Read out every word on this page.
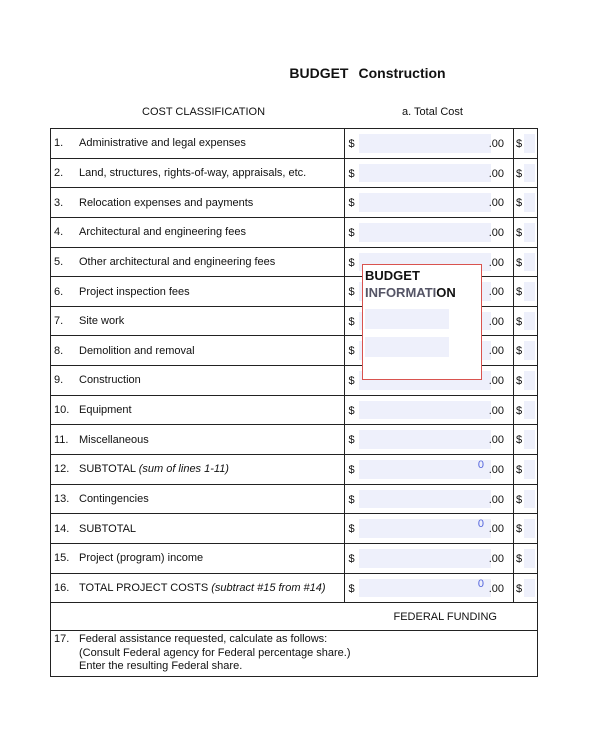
BUDGET Construction
COST CLASSIFICATION	a. Total Cost
1. Administrative and legal expenses	$ .00	$

2. Land, structures, rights-of-way, appraisals, etc.	$ .00	$

3. Relocation expenses and payments	$ .00	$

4. Architectural and engineering fees	$ .00	$

5. Other architectural and engineering fees	$ .00	$

6. Project inspection fees	$ .00	$

7. Site work	$ .00	$

8. Demolition and removal	$ .00	$

9. Construction	$ .00	$

10. Equipment	$ .00	$

11. Miscellaneous	$ .00	$

12. SUBTOTAL (sum of lines 1-11)	$ 0 .00	$

13. Contingencies	$ .00	$

14. SUBTOTAL	$ 0 .00	$

15. Project (program) income	$ .00	$

16. TOTAL PROJECT COSTS (subtract #15 from #14)	$ 0 .00	$

FEDERAL FUNDING		

17. Federal assistance requested, calculate as follows:
(Consult Federal agency for Federal percentage share.)
Enter the resulting Federal share.		
BUDGET
INFORMATION
